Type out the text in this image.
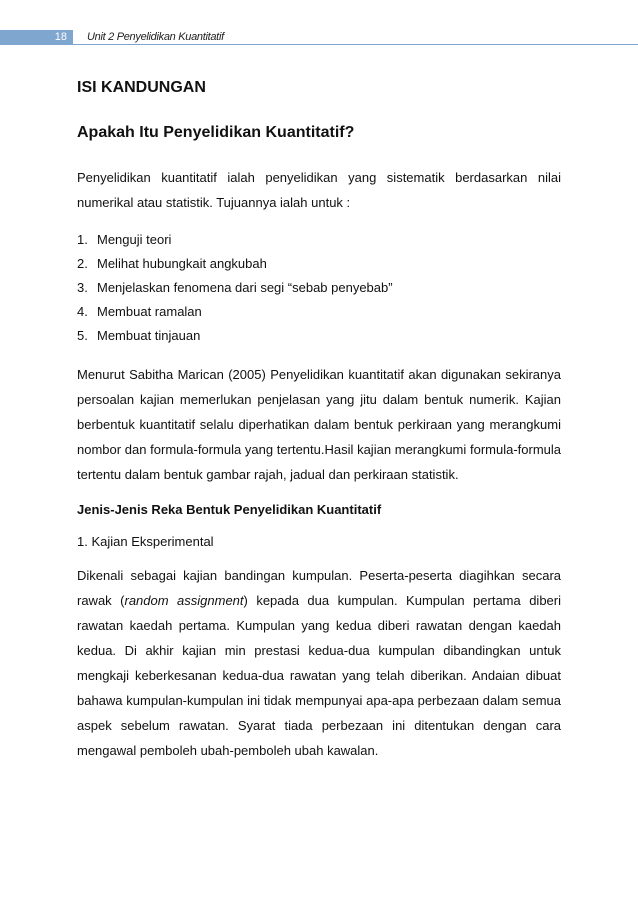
18	Unit 2 Penyelidikan Kuantitatif
ISI KANDUNGAN
Apakah Itu Penyelidikan Kuantitatif?

Penyelidikan kuantitatif ialah penyelidikan yang sistematik berdasarkan nilai numerikal atau statistik. Tujuannya ialah untuk :

1. Menguji teori
2. Melihat hubungkait angkubah
3. Menjelaskan fenomena dari segi “sebab penyebab”
4. Membuat ramalan
5. Membuat tinjauan

Menurut Sabitha Marican (2005) Penyelidikan kuantitatif akan digunakan sekiranya persoalan kajian memerlukan penjelasan yang jitu dalam bentuk numerik. Kajian berbentuk kuantitatif selalu diperhatikan dalam bentuk perkiraan yang merangkumi nombor dan formula-formula yang tertentu.Hasil kajian merangkumi formula-formula tertentu dalam bentuk gambar rajah, jadual dan perkiraan statistik.

Jenis-Jenis Reka Bentuk Penyelidikan Kuantitatif
1. Kajian Eksperimental

Dikenali sebagai kajian bandingan kumpulan. Peserta-peserta diagihkan secara rawak (random assignment) kepada dua kumpulan. Kumpulan pertama diberi rawatan kaedah pertama. Kumpulan yang kedua diberi rawatan dengan kaedah kedua. Di akhir kajian min prestasi kedua-dua kumpulan dibandingkan untuk mengkaji keberkesanan kedua-dua rawatan yang telah diberikan. Andaian dibuat bahawa kumpulan-kumpulan ini tidak mempunyai apa-apa perbezaan dalam semua aspek sebelum rawatan. Syarat tiada perbezaan ini ditentukan dengan cara mengawal pemboleh ubah-pemboleh ubah kawalan.
